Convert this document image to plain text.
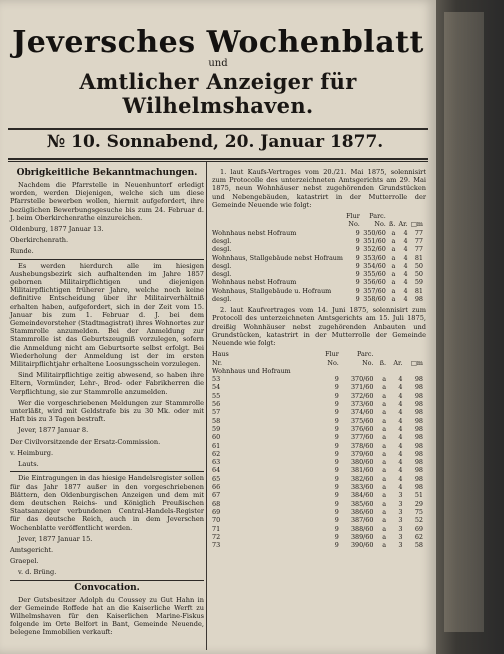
Jeversches Wochenblatt
und
Amtlicher Anzeiger für Wilhelmshaven.
№ 10. Sonnabend, 20. Januar 1877.
Obrigkeitliche Bekanntmachungen.

Nachdem die Pfarrstelle in Neuenhuntorf erledigt worden, werden Diejenigen, welche sich um diese Pfarrstelle bewerben wollen, hiermit aufgefordert, ihre bezüglichen Bewerbungsgesuche bis zum 24. Februar d. J. beim Oberkirchenrathe einzureichen.

Oldenburg, 1877 Januar 13.

Oberkirchenrath.

Runde.

Es werden hierdurch alle im hiesigen Aushebungsbezirk sich aufhaltenden im Jahre 1857 gebornen Militairpflichtigen und diejenigen Militairpflichtigen früherer Jahre, welche noch keine definitive Entscheidung über ihr Militairverhältniß erhalten haben, aufgefordert, sich in der Zeit vom 15. Januar bis zum 1. Februar d. J. bei dem Gemeindevorsteher (Stadtmagistrat) ihres Wohnortes zur Stammrolle anzumelden. Bei der Anmeldung zur Stammrolle ist das Geburtszeugniß vorzulegen, sofern die Anmeldung nicht am Geburtsorte selbst erfolgt. Bei Wiederholung der Anmeldung ist der im ersten Militairpflichtjahr erhaltene Loosungsschein vorzulegen.

Sind Militairpflichtige zeitig abwesend, so haben ihre Eltern, Vormünder, Lehr-, Brod- oder Fabrikherren die Verpflichtung, sie zur Stammrolle anzumelden.

Wer die vorgeschriebenen Meldungen zur Stammrolle unterläßt, wird mit Geldstrafe bis zu 30 Mk. oder mit Haft bis zu 3 Tagen bestraft.

Jever, 1877 Januar 8.

Der Civilvorsitzende der Ersatz-Commission.

v. Heimburg.

Lauts.

Die Eintragungen in das hiesige Handelsregister sollen für das Jahr 1877 außer in den vorgeschriebenen Blättern, den Oldenburgischen Anzeigen und dem mit dem deutschen Reichs- und Königlich Preußischen Staatsanzeiger verbundenen Central-Handels-Register für das deutsche Reich, auch in dem Jeverschen Wochenblatte veröffentlicht werden.

Jever, 1877 Januar 15.

Amtsgericht.

Graepel.

v. d. Brüng.

Convocation.

Der Gutsbesitzer Adolph du Coussey zu Gut Hahn in der Gemeinde Roffede hat an die Kaiserliche Werft zu Wilhelmshaven für den Kaiserlichen Marine-Fiskus folgende im Orte Belfort in Bant, Gemeinde Neuende, belegene Immobilien verkauft:

1. laut Kaufs-Vertrages vom 20./21. Mai 1875, solennisirt zum Protocolle des unterzeichneten Amtsgerichts am 29. Mai 1875, neun Wohnhäuser nebst zugehörenden Grundstücken und Nebengebäuden, katastrirt in der Mutterrolle der Gemeinde Neuende wie folgt:

	Flur	Parc.			
	No.	No.	ß.	Ar.	□m
Wohnhaus nebst Hofraum	9	350/60	a	4	77
desgl.	9	351/60	a	4	77
desgl.	9	352/60	a	4	77
Wohnhaus, Stallgebäude nebst Hofraum	9	353/60	a	4	81
desgl.	9	354/60	a	4	50
desgl.	9	355/60	a	4	50
Wohnhaus nebst Hofraum	9	356/60	a	4	59
Wohnhaus, Stallgebäude u. Hofraum	9	357/60	a	4	81
desgl.	9	358/60	a	4	98

2. laut Kaufvertrages vom 14. Juni 1875, solennisirt zum Protocoll des unterzeichneten Amtsgerichts am 15. Juli 1875, dreißig Wohnhäuser nebst zugehörenden Anbauten und Grundstücken, katastrirt in der Mutterrolle der Gemeinde Neuende wie folgt:

Haus	Flur	Parc.			
Nr.	No.	No.	ß.	Ar.	□m
Wohnhaus und Hofraum					
53	9	370/60	a	4	98
54	9	371/60	a	4	98
55	9	372/60	a	4	98
56	9	373/60	a	4	98
57	9	374/60	a	4	98
58	9	375/60	a	4	98
59	9	376/60	a	4	98
60	9	377/60	a	4	98
61	9	378/60	a	4	98
62	9	379/60	a	4	98
63	9	380/60	a	4	98
64	9	381/60	a	4	98
65	9	382/60	a	4	98
66	9	383/60	a	4	98
67	9	384/60	a	3	51
68	9	385/60	a	3	29
69	9	386/60	a	3	75
70	9	387/60	a	3	52
71	9	388/60	a	3	69
72	9	389/60	a	3	62
73	9	390/60	a	3	58
